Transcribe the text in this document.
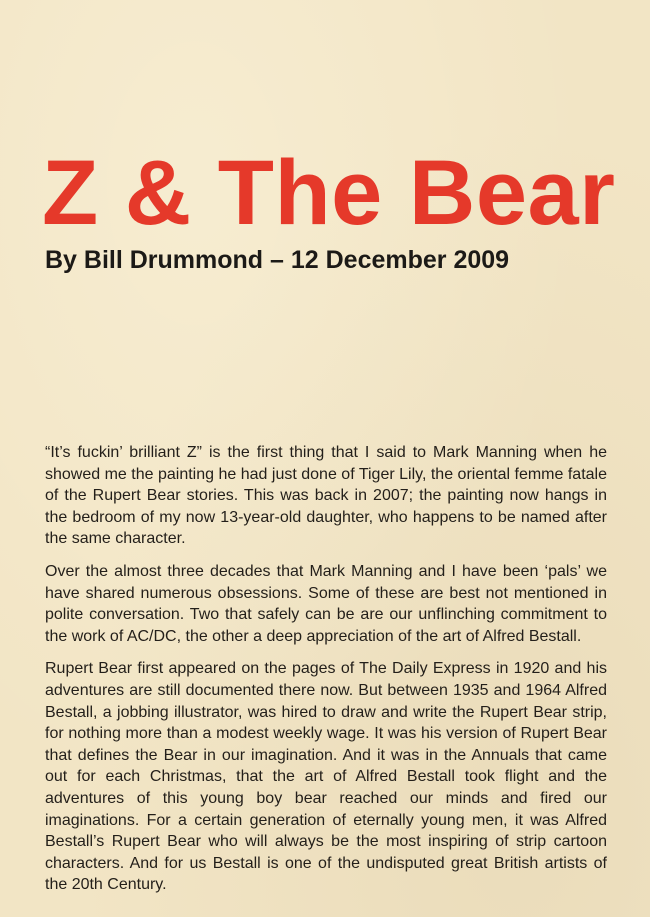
Z & The Bear
By Bill Drummond – 12 December 2009

“It’s fuckin’ brilliant Z” is the first thing that I said to Mark Manning when he showed me the painting he had just done of Tiger Lily, the oriental femme fatale of the Rupert Bear stories. This was back in 2007; the painting now hangs in the bedroom of my now 13-year-old daughter, who happens to be named after the same character.

Over the almost three decades that Mark Manning and I have been ‘pals’ we have shared numerous obsessions. Some of these are best not mentioned in polite conversation. Two that safely can be are our unflinching commitment to the work of AC/DC, the other a deep appreciation of the art of Alfred Bestall.

Rupert Bear first appeared on the pages of The Daily Express in 1920 and his adventures are still documented there now. But between 1935 and 1964 Alfred Bestall, a jobbing illustrator, was hired to draw and write the Rupert Bear strip, for nothing more than a modest weekly wage. It was his version of Rupert Bear that defines the Bear in our imagination. And it was in the Annuals that came out for each Christmas, that the art of Alfred Bestall took flight and the adventures of this young boy bear reached our minds and fired our imaginations. For a certain generation of eternally young men, it was Alfred Bestall’s Rupert Bear who will always be the most inspiring of strip cartoon characters. And for us Bestall is one of the undisputed great British artists of the 20th Century.
